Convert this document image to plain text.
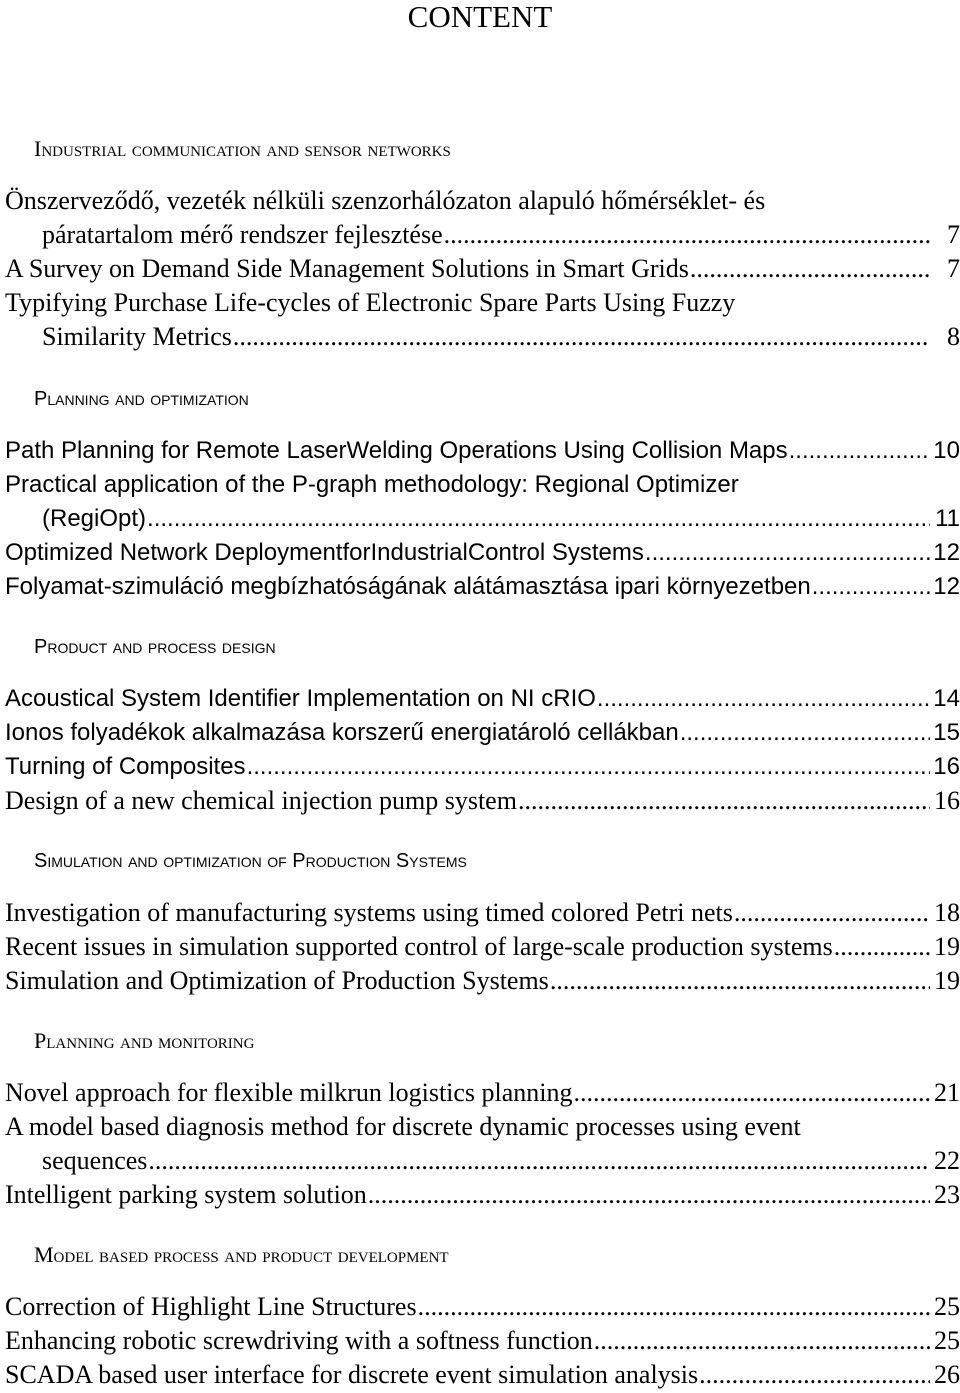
CONTENT
Industrial communication and sensor networks
Önszerveződő, vezeték nélküli szenzorhálózaton alapuló hőmérséklet- és
páratartalom mérő rendszer fejlesztése .....	7
A Survey on Demand Side Management Solutions in Smart Grids .....	7
Typifying Purchase Life-cycles of Electronic Spare Parts Using Fuzzy
Similarity Metrics .....	8
Planning and optimization
Path Planning for Remote LaserWelding Operations Using Collision Maps .....	10
Practical application of the P-graph methodology: Regional Optimizer
(RegiOpt) .....	11
Optimized Network DeploymentforIndustrialControl Systems .....	12
Folyamat-szimuláció megbízhatóságának alátámasztása ipari környezetben .....	12
Product and process design
Acoustical System Identifier Implementation on NI cRIO .....	14
Ionos folyadékok alkalmazása korszerű energiatároló cellákban .....	15
Turning of Composites .....	16
Design of a new chemical injection pump system .....	16
Simulation and optimization of Production Systems
Investigation of manufacturing systems using timed colored Petri nets .....	18
Recent issues in simulation supported control of large-scale production systems .....	19
Simulation and Optimization of Production Systems .....	19
Planning and monitoring
Novel approach for flexible milkrun logistics planning .....	21
A model based diagnosis method for discrete dynamic processes using event
sequences .....	22
Intelligent parking system solution .....	23
Model based process and product development
Correction of Highlight Line Structures .....	25
Enhancing robotic screwdriving with a softness function .....	25
SCADA based user interface for discrete event simulation analysis .....	26
